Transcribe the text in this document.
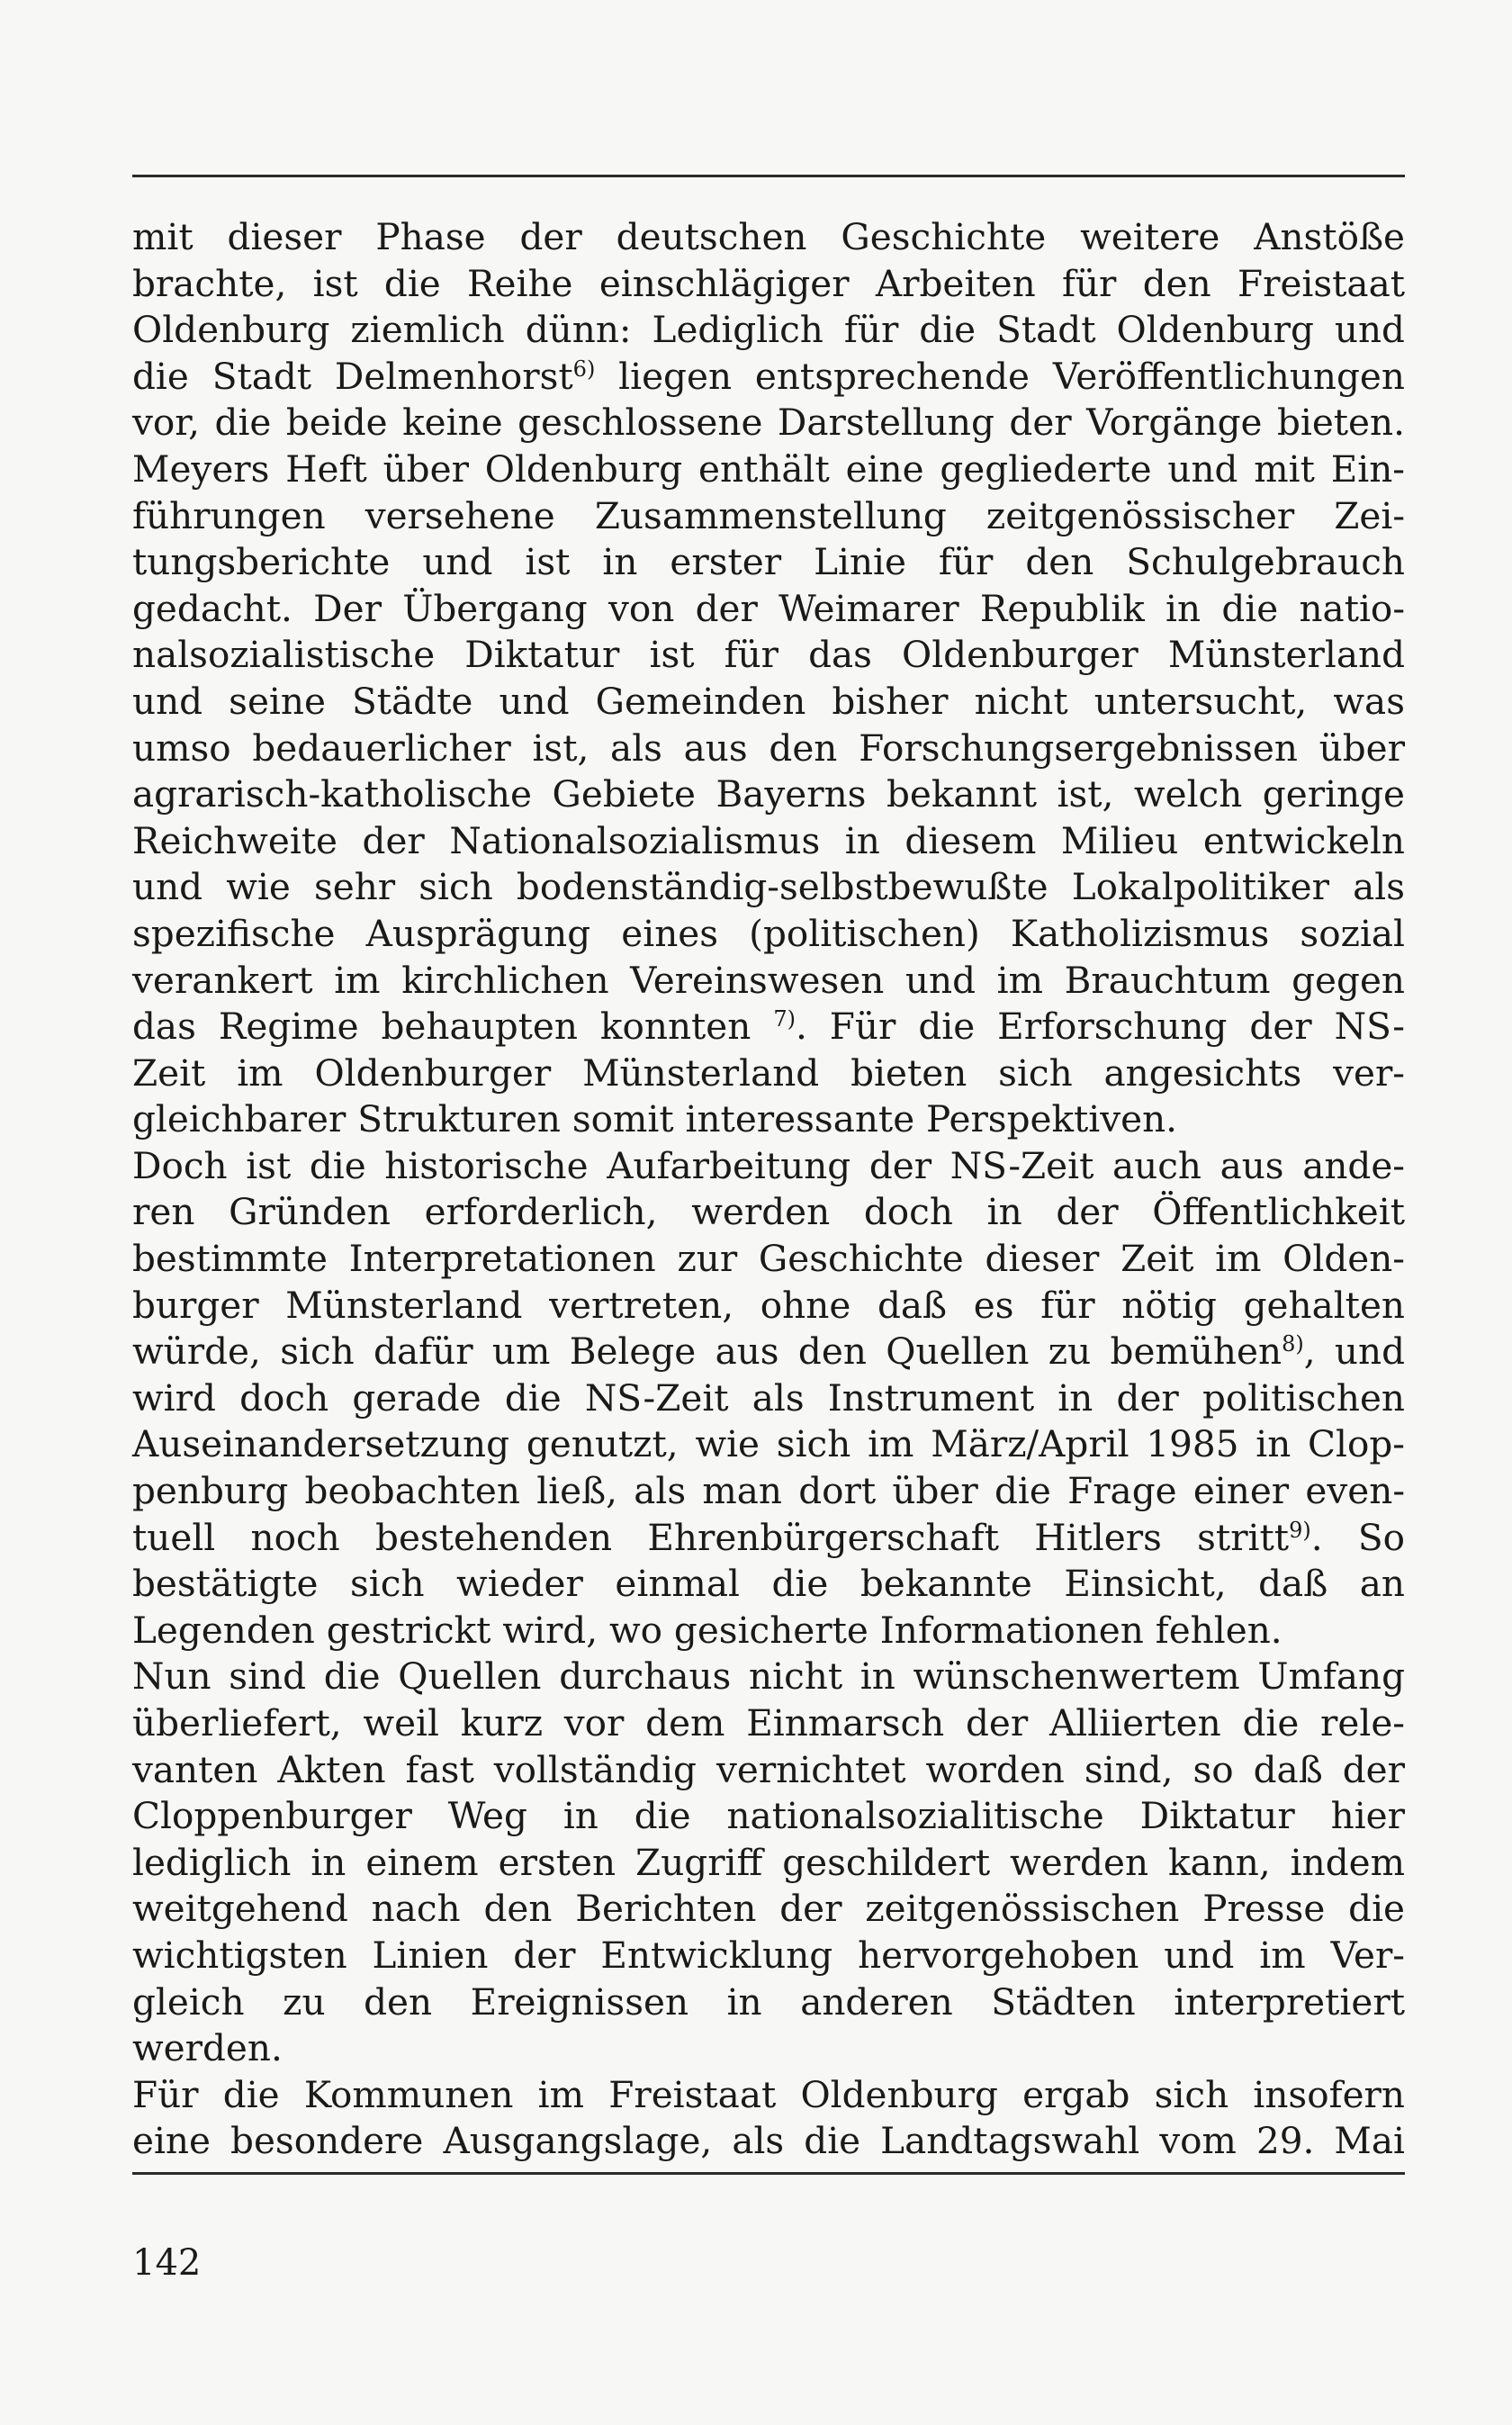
mit dieser Phase der deutschen Geschichte weitere Anstöße
brachte, ist die Reihe einschlägiger Arbeiten für den Freistaat
Oldenburg ziemlich dünn: Lediglich für die Stadt Oldenburg und
die Stadt Delmenhorst$^{6)}$ liegen entsprechende Veröffentlichungen
vor, die beide keine geschlossene Darstellung der Vorgänge bieten.
Meyers Heft über Oldenburg enthält eine gegliederte und mit Ein-
führungen versehene Zusammenstellung zeitgenössischer Zei-
tungsberichte und ist in erster Linie für den Schulgebrauch
gedacht. Der Übergang von der Weimarer Republik in die natio-
nalsozialistische Diktatur ist für das Oldenburger Münsterland
und seine Städte und Gemeinden bisher nicht untersucht, was
umso bedauerlicher ist, als aus den Forschungsergebnissen über
agrarisch-katholische Gebiete Bayerns bekannt ist, welch geringe
Reichweite der Nationalsozialismus in diesem Milieu entwickeln
und wie sehr sich bodenständig-selbstbewußte Lokalpolitiker als
spezifische Ausprägung eines (politischen) Katholizismus sozial
verankert im kirchlichen Vereinswesen und im Brauchtum gegen
das Regime behaupten konnten $^{7)}$. Für die Erforschung der NS-
Zeit im Oldenburger Münsterland bieten sich angesichts ver-
gleichbarer Strukturen somit interessante Perspektiven.
Doch ist die historische Aufarbeitung der NS-Zeit auch aus ande-
ren Gründen erforderlich, werden doch in der Öffentlichkeit
bestimmte Interpretationen zur Geschichte dieser Zeit im Olden-
burger Münsterland vertreten, ohne daß es für nötig gehalten
würde, sich dafür um Belege aus den Quellen zu bemühen$^{8)}$, und
wird doch gerade die NS-Zeit als Instrument in der politischen
Auseinandersetzung genutzt, wie sich im März/April 1985 in Clop-
penburg beobachten ließ, als man dort über die Frage einer even-
tuell noch bestehenden Ehrenbürgerschaft Hitlers stritt$^{9)}$. So
bestätigte sich wieder einmal die bekannte Einsicht, daß an
Legenden gestrickt wird, wo gesicherte Informationen fehlen.
Nun sind die Quellen durchaus nicht in wünschenwertem Umfang
überliefert, weil kurz vor dem Einmarsch der Alliierten die rele-
vanten Akten fast vollständig vernichtet worden sind, so daß der
Cloppenburger Weg in die nationalsozialitische Diktatur hier
lediglich in einem ersten Zugriff geschildert werden kann, indem
weitgehend nach den Berichten der zeitgenössischen Presse die
wichtigsten Linien der Entwicklung hervorgehoben und im Ver-
gleich zu den Ereignissen in anderen Städten interpretiert
werden.
Für die Kommunen im Freistaat Oldenburg ergab sich insofern
eine besondere Ausgangslage, als die Landtagswahl vom 29. Mai
142
